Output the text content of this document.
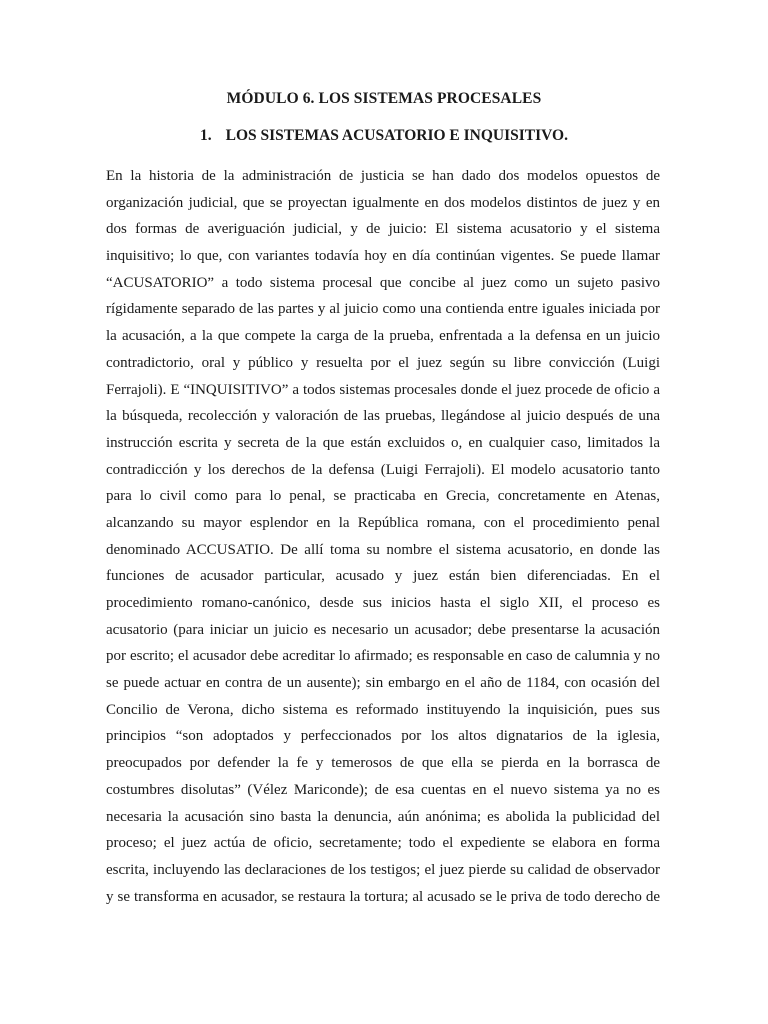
MÓDULO 6. LOS SISTEMAS PROCESALES
1. LOS SISTEMAS ACUSATORIO E INQUISITIVO.
En la historia de la administración de justicia se han dado dos modelos opuestos de
organización judicial, que se proyectan igualmente en dos modelos distintos de juez y en
dos formas de averiguación judicial, y de juicio: El sistema acusatorio y el sistema
inquisitivo; lo que, con variantes todavía hoy en día continúan vigentes. Se puede llamar
“ACUSATORIO” a todo sistema procesal que concibe al juez como un sujeto pasivo
rígidamente separado de las partes y al juicio como una contienda entre iguales iniciada por
la acusación, a la que compete la carga de la prueba, enfrentada a la defensa en un juicio
contradictorio, oral y público y resuelta por el juez según su libre convicción (Luigi
Ferrajoli). E “INQUISITIVO” a todos sistemas procesales donde el juez procede de oficio a
la búsqueda, recolección y valoración de las pruebas, llegándose al juicio después de una
instrucción escrita y secreta de la que están excluidos o, en cualquier caso, limitados la
contradicción y los derechos de la defensa (Luigi Ferrajoli). El modelo acusatorio tanto
para lo civil como para lo penal, se practicaba en Grecia, concretamente en Atenas,
alcanzando su mayor esplendor en la República romana, con el procedimiento penal
denominado ACCUSATIO. De allí toma su nombre el sistema acusatorio, en donde las
funciones de acusador particular, acusado y juez están bien diferenciadas. En el
procedimiento romano-canónico, desde sus inicios hasta el siglo XII, el proceso es
acusatorio (para iniciar un juicio es necesario un acusador; debe presentarse la acusación
por escrito; el acusador debe acreditar lo afirmado; es responsable en caso de calumnia y no
se puede actuar en contra de un ausente); sin embargo en el año de 1184, con ocasión del
Concilio de Verona, dicho sistema es reformado instituyendo la inquisición, pues sus
principios “son adoptados y perfeccionados por los altos dignatarios de la iglesia,
preocupados por defender la fe y temerosos de que ella se pierda en la borrasca de
costumbres disolutas” (Vélez Mariconde); de esa cuentas en el nuevo sistema ya no es
necesaria la acusación sino basta la denuncia, aún anónima; es abolida la publicidad del
proceso; el juez actúa de oficio, secretamente; todo el expediente se elabora en forma
escrita, incluyendo las declaraciones de los testigos; el juez pierde su calidad de observador
y se transforma en acusador, se restaura la tortura; al acusado se le priva de todo derecho de
